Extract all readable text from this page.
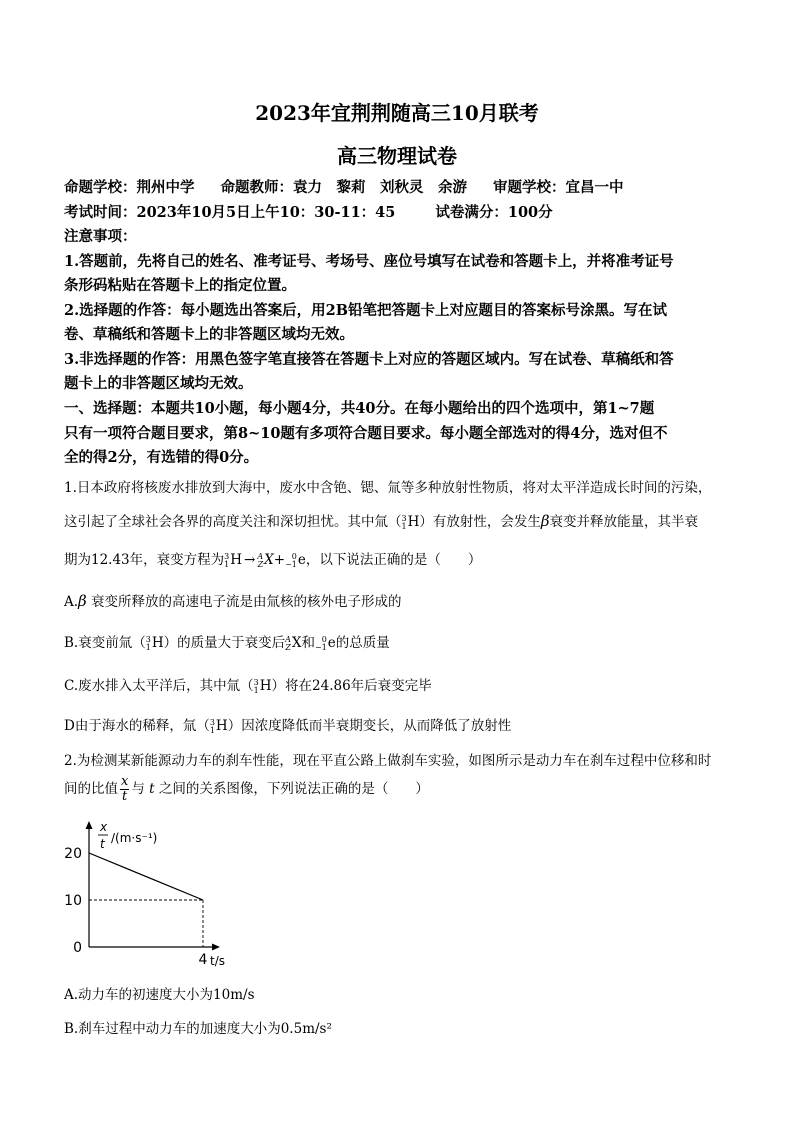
2023年宜荆荆随高三10月联考
高三物理试卷
命题学校：荆州中学 命题教师：袁力　黎莉　刘秋灵　余游 审题学校：宜昌一中
考试时间：2023年10月5日上午10：30-11：45	试卷满分：100分
注意事项：
1.答题前，先将自己的姓名、准考证号、考场号、座位号填写在试卷和答题卡上，并将准考证号
条形码粘贴在答题卡上的指定位置。
2.选择题的作答：每小题选出答案后，用2B铅笔把答题卡上对应题目的答案标号涂黑。写在试
卷、草稿纸和答题卡上的非答题区域均无效。
3.非选择题的作答：用黑色签字笔直接答在答题卡上对应的答题区域内。写在试卷、草稿纸和答
题卡上的非答题区域均无效。
一、选择题：本题共10小题，每小题4分，共40分。在每小题给出的四个选项中，第1~7题
只有一项符合题目要求，第8~10题有多项符合题目要求。每小题全部选对的得4分，选对但不
全的得2分，有选错的得0分。
1.日本政府将核废水排放到大海中，废水中含铯、锶、氚等多种放射性物质，将对太平洋造成长时间的污染，
这引起了全球社会各界的高度关注和深切担忧。其中氚（ 3
1 H）有放射性，会发生β衰变并释放能量，其半衰
期为12.43年，衰变方程为 3
1 H → A
Z X+ 0
−1 e，以下说法正确的是（　　）
A.β 衰变所释放的高速电子流是由氚核的核外电子形成的
B.衰变前氚（ 3
1 H）的质量大于衰变后 A
Z X和 0
−1 e的总质量
C.废水排入太平洋后，其中氚（ 3
1 H）将在24.86年后衰变完毕
D由于海水的稀释，氚（ 3
1 H）因浓度降低而半衰期变长，从而降低了放射性
2.为检测某新能源动力车的刹车性能，现在平直公路上做刹车实验，如图所示是动力车在刹车过程中位移和时
间的比值 $\frac{x}{t}$ 与 t 之间的关系图像，下列说法正确的是（　　）
x
t /(m·s⁻¹)
t/s
0
10
20
4
A.动力车的初速度大小为10m/s
B.刹车过程中动力车的加速度大小为0.5m/s²
